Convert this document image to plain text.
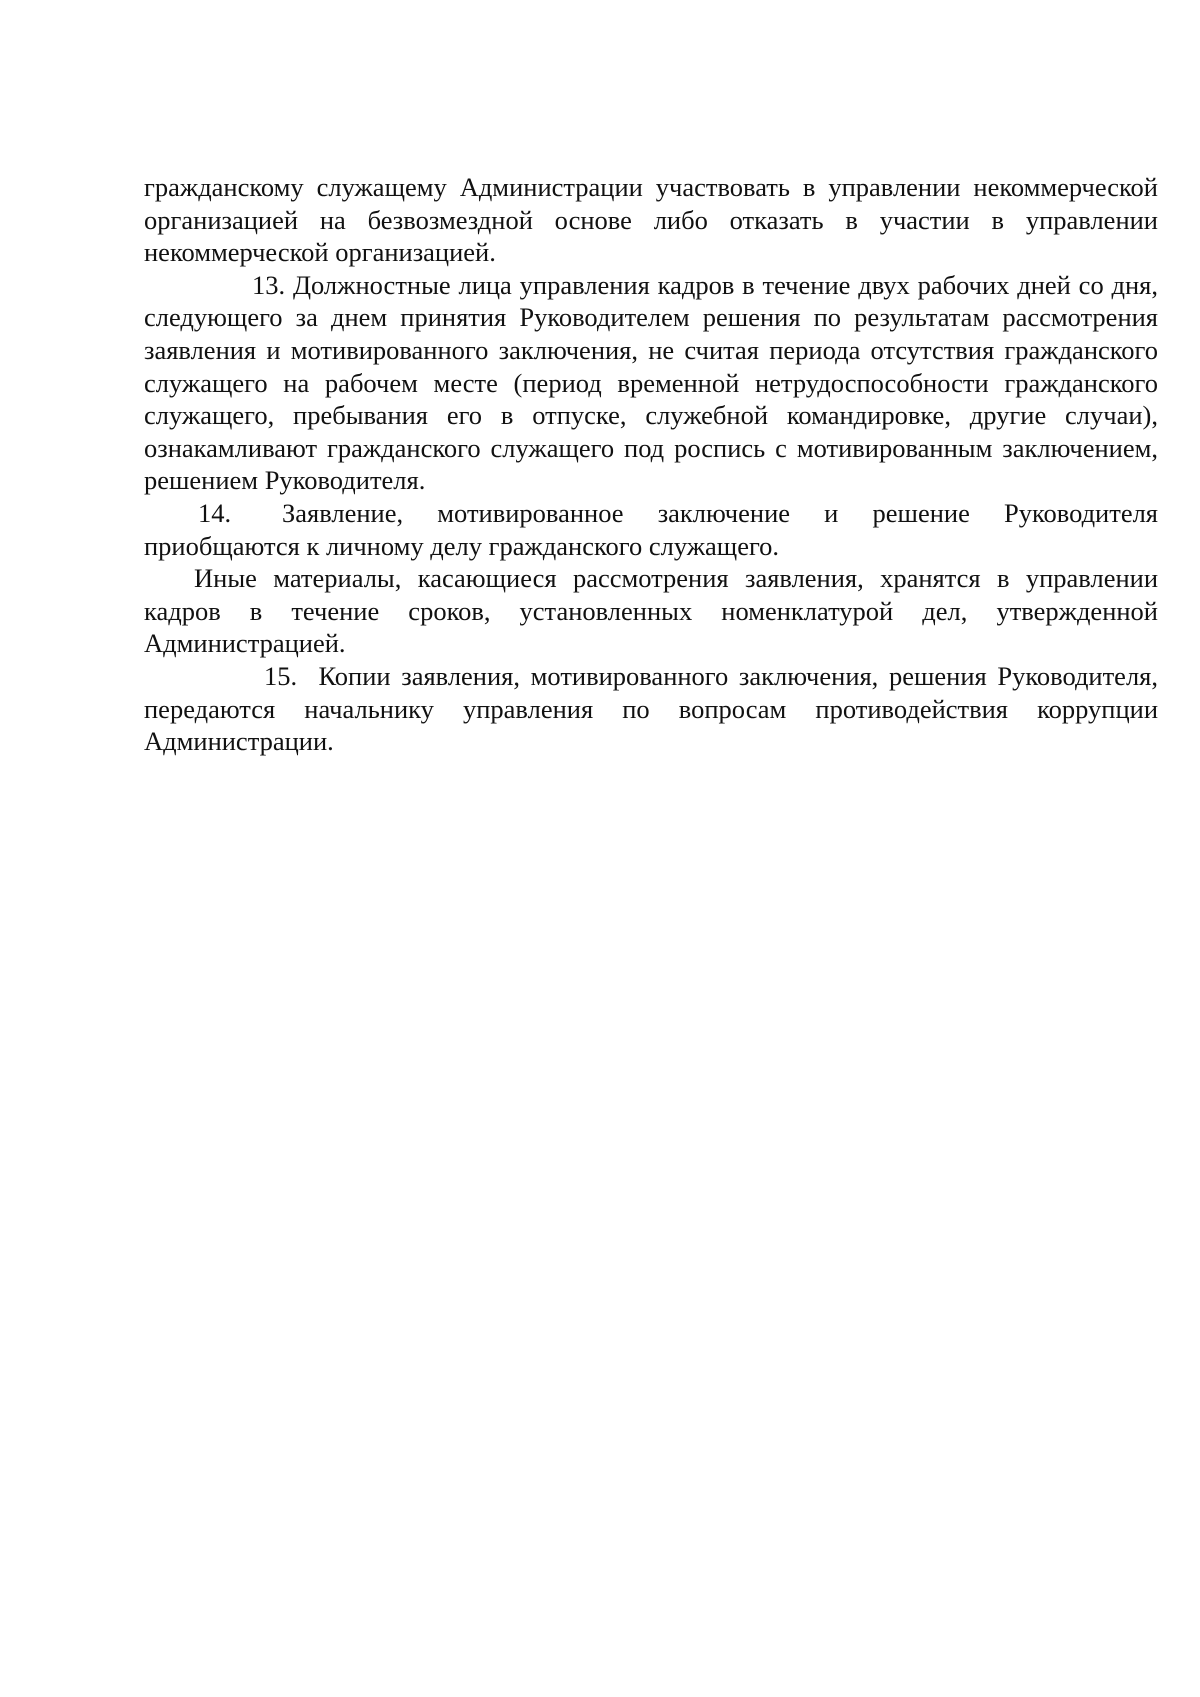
гражданскому служащему Администрации участвовать в управлении некоммерческой организацией на безвозмездной основе либо отказать в участии в управлении некоммерческой организацией.

13. Должностные лица управления кадров в течение двух рабочих дней со дня, следующего за днем принятия Руководителем решения по результатам рассмотрения заявления и мотивированного заключения, не считая периода отсутствия гражданского служащего на рабочем месте (период временной нетрудоспособности гражданского служащего, пребывания его в отпуске, служебной командировке, другие случаи), ознакамливают гражданского служащего под роспись с мотивированным заключением, решением Руководителя.

14. Заявление, мотивированное заключение и решение Руководителя приобщаются к личному делу гражданского служащего.

Иные материалы, касающиеся рассмотрения заявления, хранятся в управлении кадров в течение сроков, установленных номенклатурой дел, утвержденной Администрацией.

15. Копии заявления, мотивированного заключения, решения Руководителя, передаются начальнику управления по вопросам противодействия коррупции Администрации.
